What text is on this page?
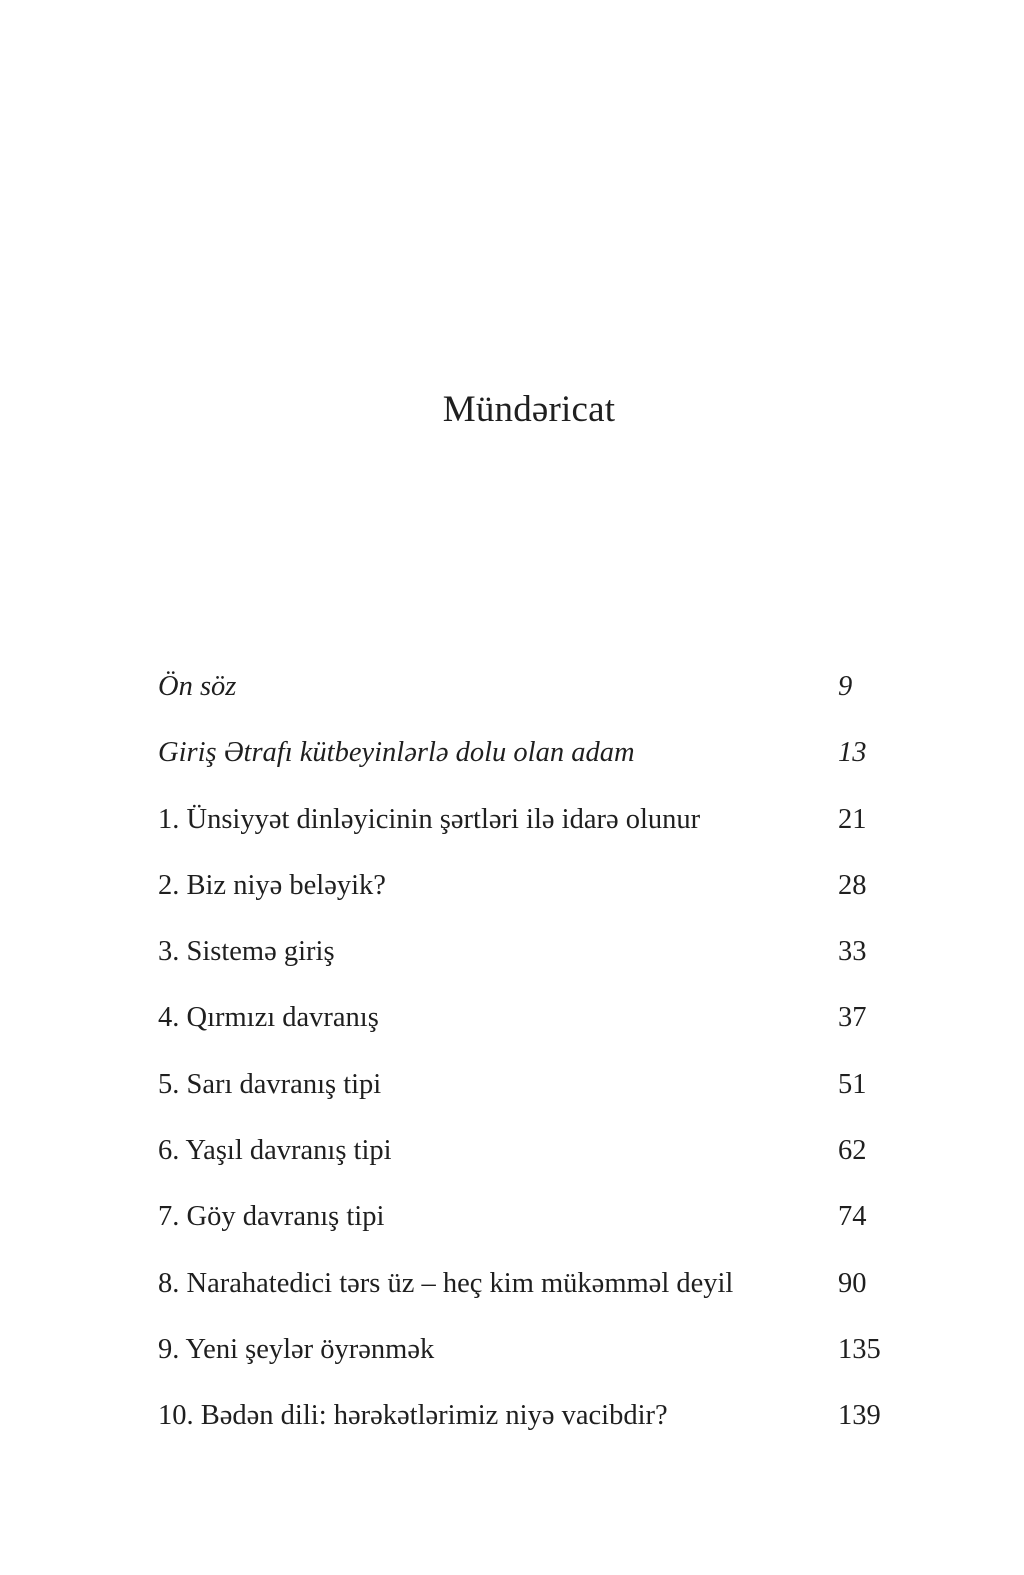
Mündəricat
Ön söz	9
Giriş Ətrafı kütbeyinlərlə dolu olan adam	13
1. Ünsiyyət dinləyicinin şərtləri ilə idarə olunur	21
2. Biz niyə beləyik?	28
3. Sistemə giriş	33
4. Qırmızı davranış	37
5. Sarı davranış tipi	51
6. Yaşıl davranış tipi	62
7. Göy davranış tipi	74
8. Narahatedici tərs üz – heç kim mükəmməl deyil	90
9. Yeni şeylər öyrənmək	135
10. Bədən dili: hərəkətlərimiz niyə vacibdir?	139
